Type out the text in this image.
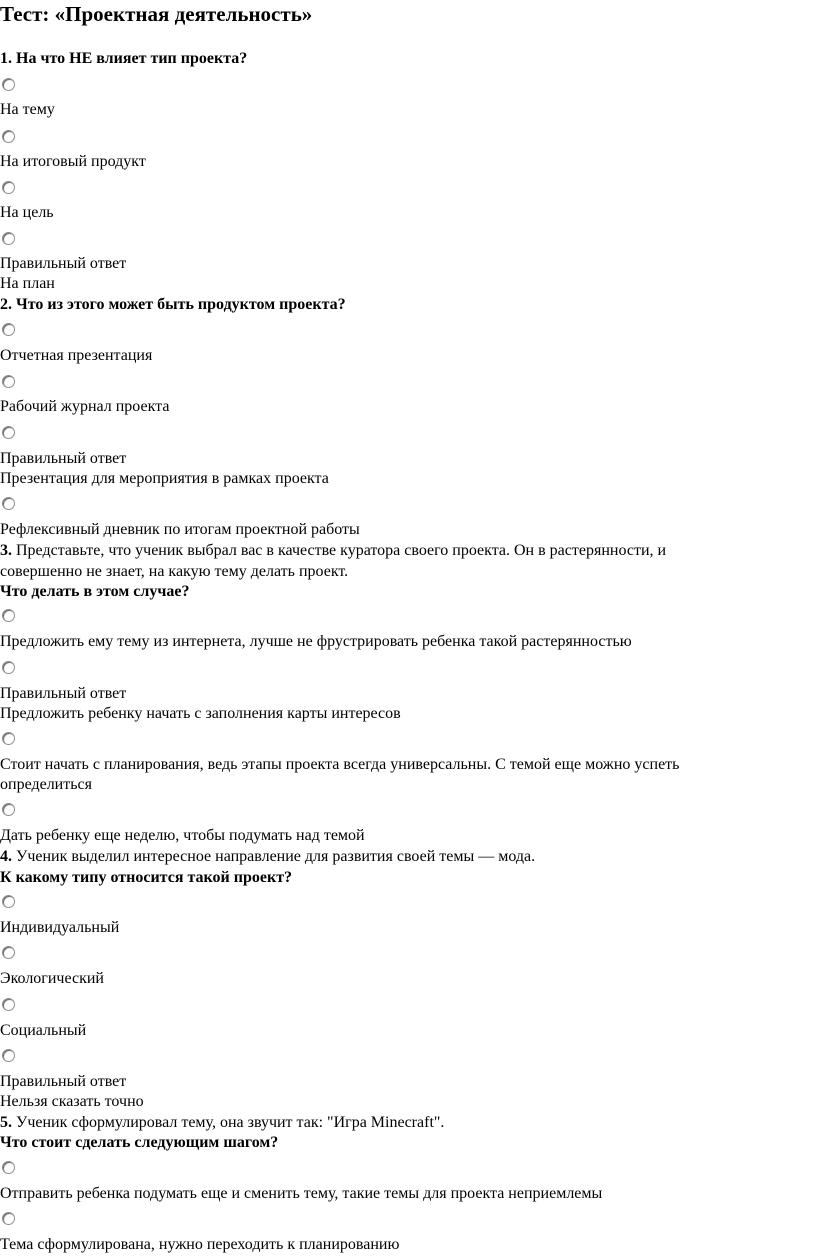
Тест: «Проектная деятельность»
1. На что НЕ влияет тип проекта?
На тему
На итоговый продукт
На цель
Правильный ответ
На план
2. Что из этого может быть продуктом проекта?
Отчетная презентация
Рабочий журнал проекта
Правильный ответ
Презентация для мероприятия в рамках проекта
Рефлексивный дневник по итогам проектной работы
3. Представьте, что ученик выбрал вас в качестве куратора своего проекта. Он в растерянности, и
совершенно не знает, на какую тему делать проект.
Что делать в этом случае?
Предложить ему тему из интернета, лучше не фрустрировать ребенка такой растерянностью
Правильный ответ
Предложить ребенку начать с заполнения карты интересов
Стоит начать с планирования, ведь этапы проекта всегда универсальны. С темой еще можно успеть
определиться
Дать ребенку еще неделю, чтобы подумать над темой
4. Ученик выделил интересное направление для развития своей темы — мода.
К какому типу относится такой проект?
Индивидуальный
Экологический
Социальный
Правильный ответ
Нельзя сказать точно
5. Ученик сформулировал тему, она звучит так: "Игра Minecraft".
Что стоит сделать следующим шагом?
Отправить ребенка подумать еще и сменить тему, такие темы для проекта неприемлемы
Тема сформулирована, нужно переходить к планированию
